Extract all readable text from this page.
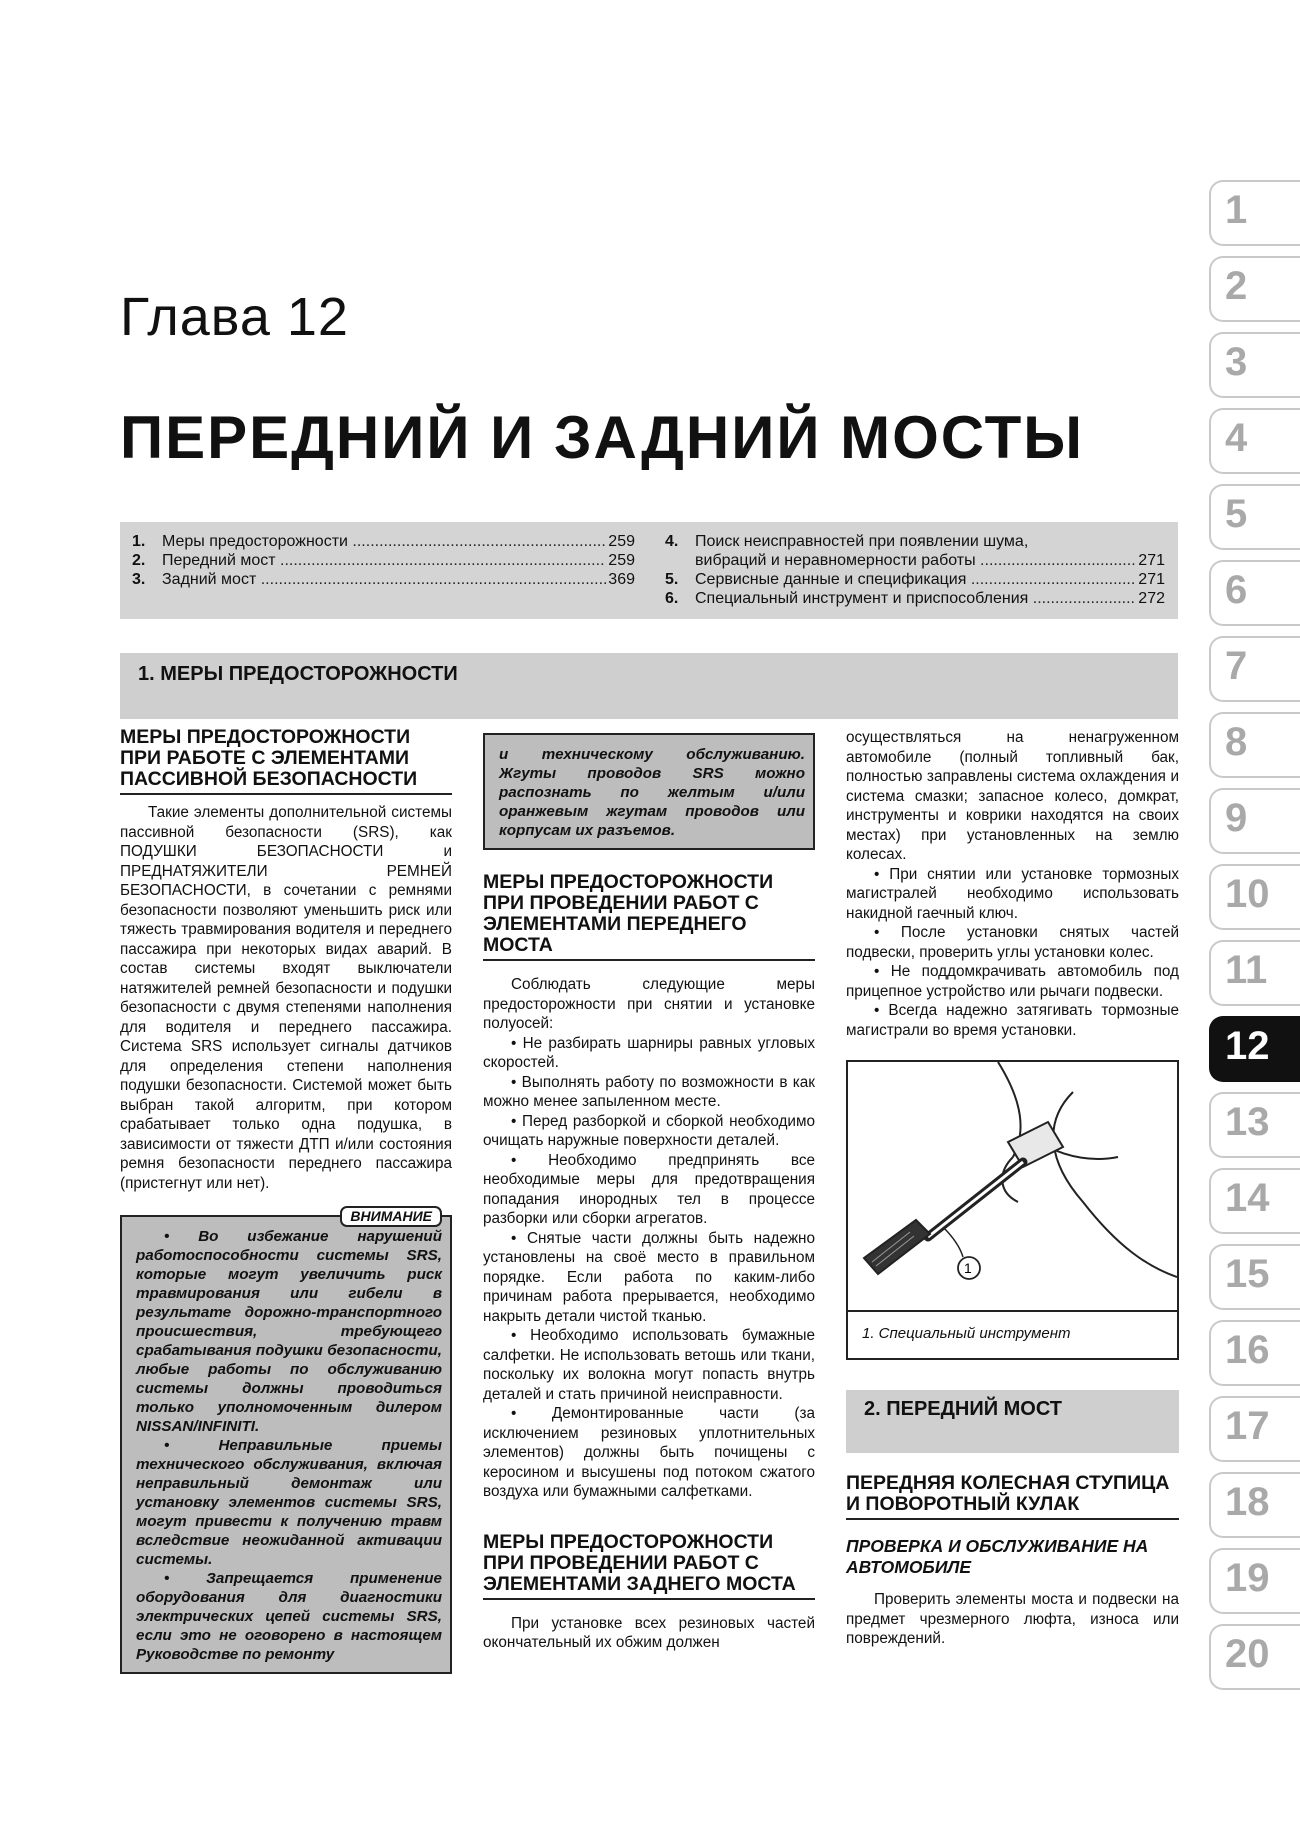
Глава 12
ПЕРЕДНИЙ И ЗАДНИЙ МОСТЫ
1.	Меры предосторожности .....	259
2.	Передний мост .....	259
3.	Задний мост .....	369
4.	Поиск неисправностей при появлении шума,
вибраций и неравномерности работы .....	271
5.	Сервисные данные и спецификация .....	271
6.	Специальный инструмент и приспособления .....	272
1. МЕРЫ ПРЕДОСТОРОЖНОСТИ
МЕРЫ ПРЕДОСТОРОЖНОСТИ ПРИ РАБОТЕ С ЭЛЕМЕНТАМИ ПАССИВНОЙ БЕЗОПАСНОСТИ

Такие элементы дополнительной системы пассивной безопасности (SRS), как ПОДУШКИ БЕЗОПАСНОСТИ и ПРЕДНАТЯЖИТЕЛИ РЕМНЕЙ БЕЗОПАСНОСТИ, в сочетании с ремнями безопасности позволяют уменьшить риск или тяжесть травмирования водителя и переднего пассажира при некоторых видах аварий. В состав системы входят выключатели натяжителей ремней безопасности и подушки безопасности с двумя степенями наполнения для водителя и переднего пассажира. Система SRS использует сигналы датчиков для определения степени наполнения подушки безопасности. Системой может быть выбран такой алгоритм, при котором срабатывает только одна подушка, в зависимости от тяжести ДТП и/или состояния ремня безопасности переднего пассажира (пристегнут или нет).

ВНИМАНИЕ

• Во избежание нарушений работоспособности системы SRS, которые могут увеличить риск травмирования или гибели в результате дорожно-транспортного происшествия, требующего срабатывания подушки безопасности, любые работы по обслуживанию системы должны проводиться только уполномоченным дилером NISSAN/INFINITI.

• Неправильные приемы технического обслуживания, включая неправильный демонтаж или установку элементов системы SRS, могут привести к получению травм вследствие неожиданной активации системы.

• Запрещается применение оборудования для диагностики электрических цепей системы SRS, если это не оговорено в настоящем Руководстве по ремонту

и техническому обслуживанию. Жгуты проводов SRS можно распознать по желтым и/или оранжевым жгутам проводов или корпусам их разъемов.

МЕРЫ ПРЕДОСТОРОЖНОСТИ ПРИ ПРОВЕДЕНИИ РАБОТ С ЭЛЕМЕНТАМИ ПЕРЕДНЕГО МОСТА

Соблюдать следующие меры предосторожности при снятии и установке полуосей:

• Не разбирать шарниры равных угловых скоростей.

• Выполнять работу по возможности в как можно менее запыленном месте.

• Перед разборкой и сборкой необходимо очищать наружные поверхности деталей.

• Необходимо предпринять все необходимые меры для предотвращения попадания инородных тел в процессе разборки или сборки агрегатов.

• Снятые части должны быть надежно установлены на своё место в правильном порядке. Если работа по каким-либо причинам работа прерывается, необходимо накрыть детали чистой тканью.

• Необходимо использовать бумажные салфетки. Не использовать ветошь или ткани, поскольку их волокна могут попасть внутрь деталей и стать причиной неисправности.

• Демонтированные части (за исключением резиновых уплотнительных элементов) должны быть почищены с керосином и высушены под потоком сжатого воздуха или бумажными салфетками.

МЕРЫ ПРЕДОСТОРОЖНОСТИ ПРИ ПРОВЕДЕНИИ РАБОТ С ЭЛЕМЕНТАМИ ЗАДНЕГО МОСТА

При установке всех резиновых частей окончательный их обжим должен

осуществляться на ненагруженном автомобиле (полный топливный бак, полностью заправлены система охлаждения и система смазки; запасное колесо, домкрат, инструменты и коврики находятся на своих местах) при установленных на землю колесах.

• При снятии или установке тормозных магистралей необходимо использовать накидной гаечный ключ.

• После установки снятых частей подвески, проверить углы установки колес.

• Не поддомкрачивать автомобиль под прицепное устройство или рычаги подвески.

• Всегда надежно затягивать тормозные магистрали во время установки.

1
1. Специальный инструмент
2. ПЕРЕДНИЙ МОСТ
ПЕРЕДНЯЯ КОЛЕСНАЯ СТУПИЦА И ПОВОРОТНЫЙ КУЛАК
ПРОВЕРКА И ОБСЛУЖИВАНИЕ НА АВТОМОБИЛЕ

Проверить элементы моста и подвески на предмет чрезмерного люфта, износа или повреждений.

1
2
3
4
5
6
7
8
9
10
11
12
13
14
15
16
17
18
19
20
